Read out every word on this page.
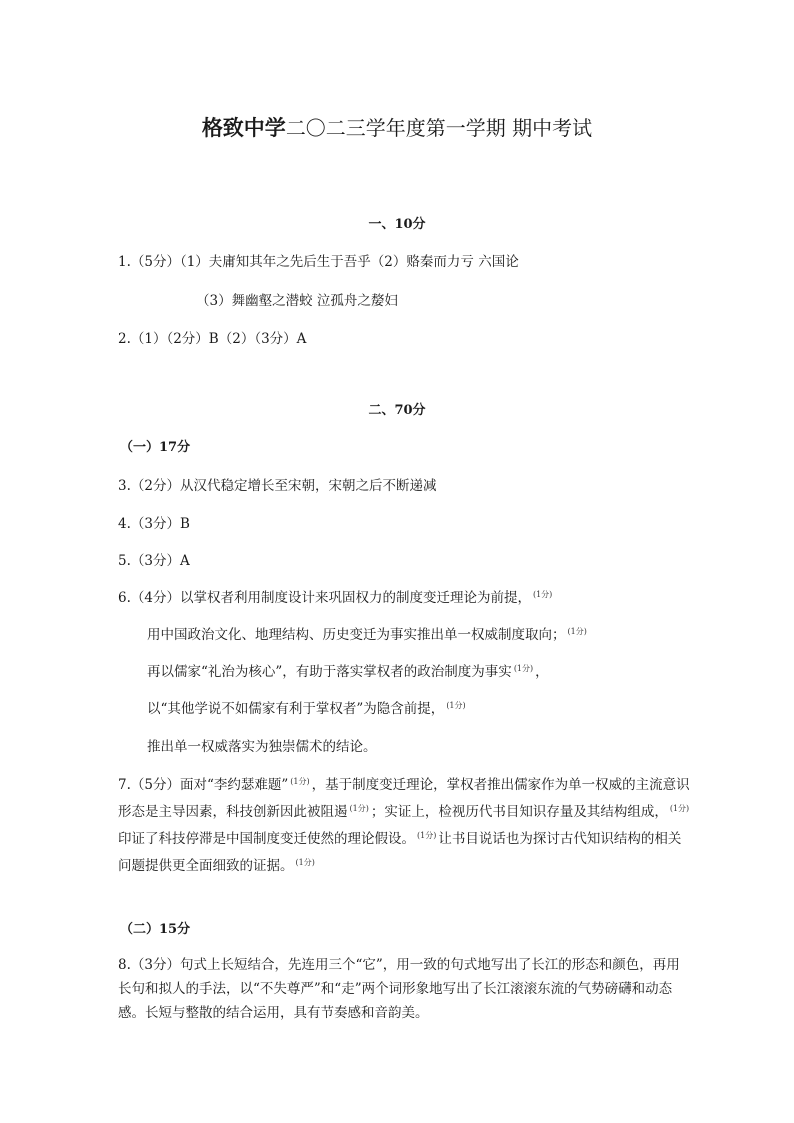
格致中学二〇二三学年度第一学期 期中考试
一、10分
1.（5分）（1）夫庸知其年之先后生于吾乎（2）赂秦而力亏 六国论
（3）舞幽壑之潜蛟 泣孤舟之嫠妇
2.（1）（2分）B（2）（3分）A
二、70分
（一）17分
3.（2分）从汉代稳定增长至宋朝，宋朝之后不断递减
4.（3分）B
5.（3分）A
6.（4分）以掌权者利用制度设计来巩固权力的制度变迁理论为前提， $^{(1分)}$
用中国政治文化、地理结构、历史变迁为事实推出单一权威制度取向； $^{(1分)}$
再以儒家“礼治为核心”，有助于落实掌权者的政治制度为事实 $^{(1分)}$ ，
以“其他学说不如儒家有利于掌权者”为隐含前提， $^{(1分)}$
推出单一权威落实为独崇儒术的结论。
7.（5分）面对“李约瑟难题” $^{(1分)}$ ，基于制度变迁理论，掌权者推出儒家作为单一权威的主流意识形态是主导因素，科技创新因此被阻遏 $^{(1分)}$ ；实证上，检视历代书目知识存量及其结构组成， $^{(1分)}$印证了科技停滞是中国制度变迁使然的理论假设。 $^{(1分)}$ 让书目说话也为探讨古代知识结构的相关问题提供更全面细致的证据。 $^{(1分)}$
（二）15分
8.（3分）句式上长短结合，先连用三个“它”，用一致的句式地写出了长江的形态和颜色，再用长句和拟人的手法，以“不失尊严”和“走”两个词形象地写出了长江滚滚东流的气势磅礴和动态感。长短与整散的结合运用，具有节奏感和音韵美。
